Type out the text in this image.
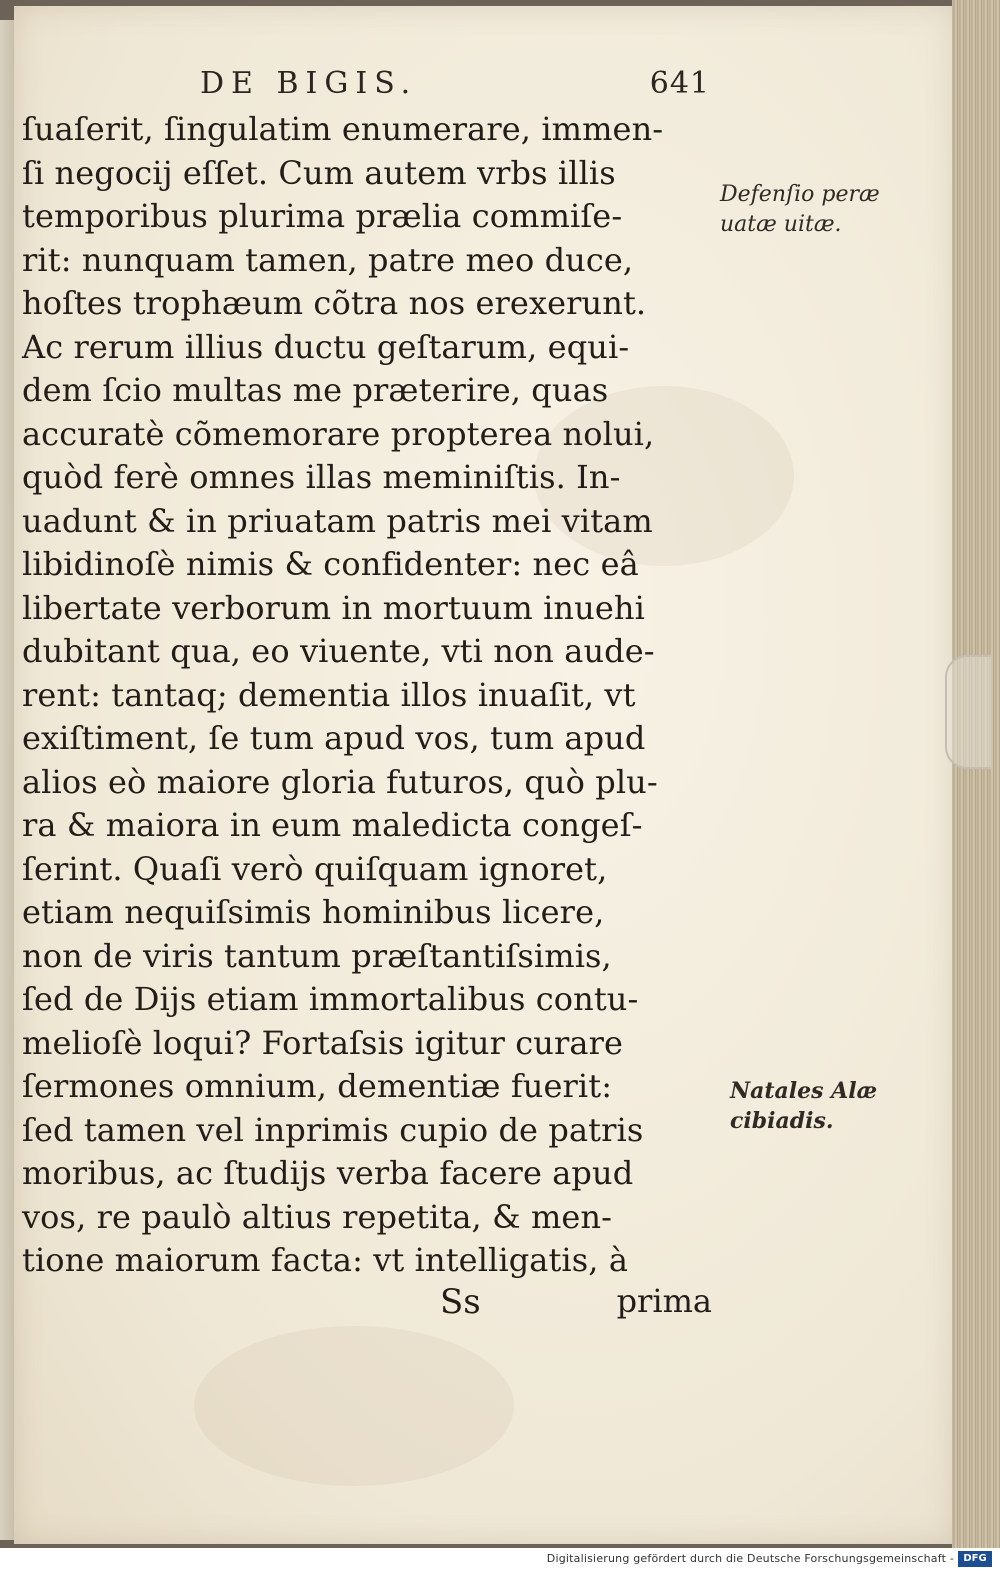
DE BIGIS.	641
ſuaſerit, ſingulatim enumerare, immen-
ſi negocij eſſet. Cum autem vrbs illis
temporibus plurima prælia commiſe-
rit: nunquam tamen, patre meo duce,
hoſtes trophæum cõtra nos erexerunt.
Ac rerum illius ductu geſtarum, equi-
dem ſcio multas me præterire, quas
accuratè cõmemorare propterea nolui,
quòd ferè omnes illas meminiſtis. In-
uadunt & in priuatam patris mei vitam
libidinoſè nimis & confidenter: nec eâ
libertate verborum in mortuum inuehi
dubitant qua, eo viuente, vti non aude-
rent: tantaq; dementia illos inuaſit, vt
exiſtiment, ſe tum apud vos, tum apud
alios eò maiore gloria futuros, quò plu-
ra & maiora in eum maledicta congeſ-
ſerint. Quaſi verò quiſquam ignoret,
etiam nequiſsimis hominibus licere,
non de viris tantum præſtantiſsimis,
ſed de Dijs etiam immortalibus contu-
melioſè loqui? Fortaſsis igitur curare
ſermones omnium, dementiæ fuerit:
ſed tamen vel inprimis cupio de patris
moribus, ac ſtudijs verba facere apud
vos, re paulò altius repetita, & men-
tione maiorum facta: vt intelligatis, à
Ss	prima
Defenſio peræ
uatæ uitæ.
Natales Alæ
cibiadis.
Digitalisierung gefördert durch die Deutsche Forschungsgemeinschaft - DFG
